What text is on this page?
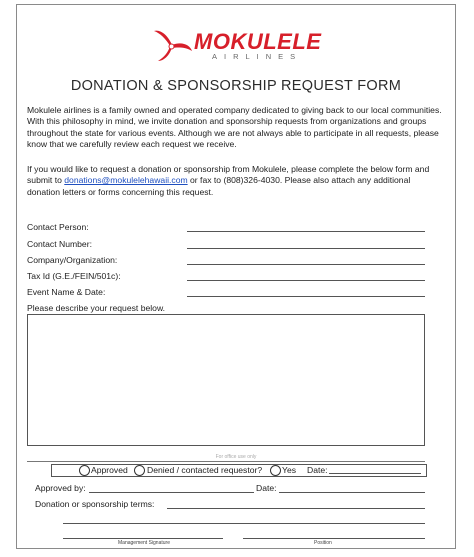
MOKULELE
AIRLINES
DONATION & SPONSORSHIP REQUEST FORM
Mokulele airlines is a family owned and operated company dedicated to giving back to our local communities. With this philosophy in mind, we invite donation and sponsorship requests from organizations and groups throughout the state for various events. Although we are not always able to participate in all requests, please know that we carefully review each request we receive.
If you would like to request a donation or sponsorship from Mokulele, please complete the below form and submit to donations@mokulelehawaii.com or fax to (808)326-4030. Please also attach any additional donation letters or forms concerning this request.
Contact Person:
Contact Number:
Company/Organization:
Tax Id (G.E./FEIN/501c):
Event Name & Date:
Please describe your request below.
For office use only
Approved Denied / contacted requestor? Yes Date:
Approved by:	Date:
Donation or sponsorship terms:
Management Signature	Position
